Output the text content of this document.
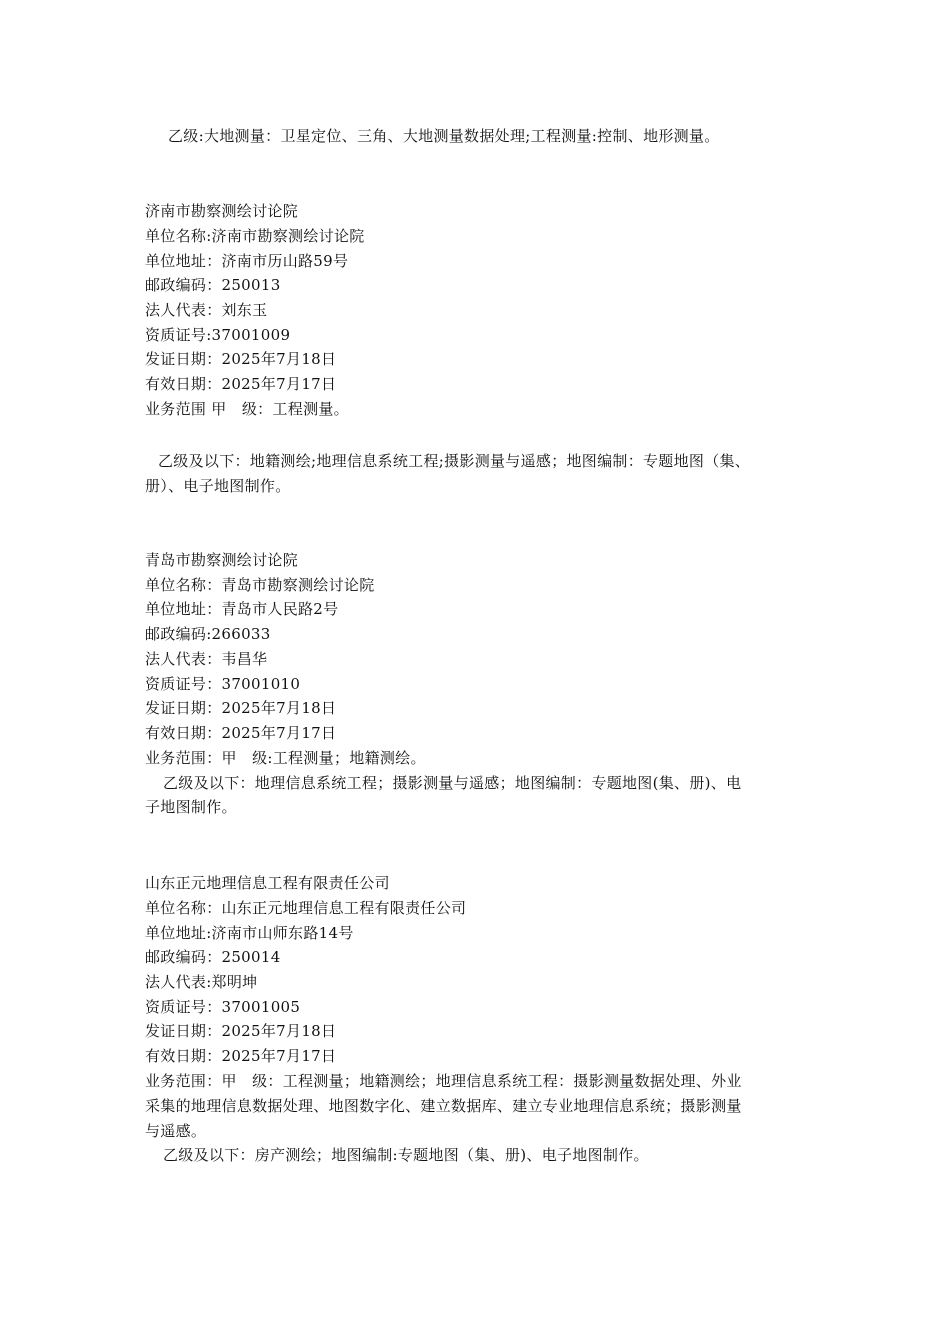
乙级:大地测量：卫星定位、三角、大地测量数据处理;工程测量:控制、地形测量。
济南市勘察测绘讨论院
单位名称:济南市勘察测绘讨论院
单位地址：济南市历山路59号
邮政编码：250013
法人代表：刘东玉
资质证号:37001009
发证日期：2025年7月18日
有效日期：2025年7月17日
业务范围 甲　级：工程测量。
乙级及以下：地籍测绘;地理信息系统工程;摄影测量与遥感；地图编制：专题地图（集、
册）、电子地图制作。
青岛市勘察测绘讨论院
单位名称：青岛市勘察测绘讨论院
单位地址：青岛市人民路2号
邮政编码:266033
法人代表：韦昌华
资质证号：37001010
发证日期：2025年7月18日
有效日期：2025年7月17日
业务范围：甲　级:工程测量；地籍测绘。
乙级及以下：地理信息系统工程；摄影测量与遥感；地图编制：专题地图(集、册)、电
子地图制作。
山东正元地理信息工程有限责任公司
单位名称：山东正元地理信息工程有限责任公司
单位地址:济南市山师东路14号
邮政编码：250014
法人代表:郑明坤
资质证号：37001005
发证日期：2025年7月18日
有效日期：2025年7月17日
业务范围：甲　级：工程测量；地籍测绘；地理信息系统工程：摄影测量数据处理、外业
采集的地理信息数据处理、地图数字化、建立数据库、建立专业地理信息系统；摄影测量
与遥感。
乙级及以下：房产测绘；地图编制:专题地图（集、册)、电子地图制作。
